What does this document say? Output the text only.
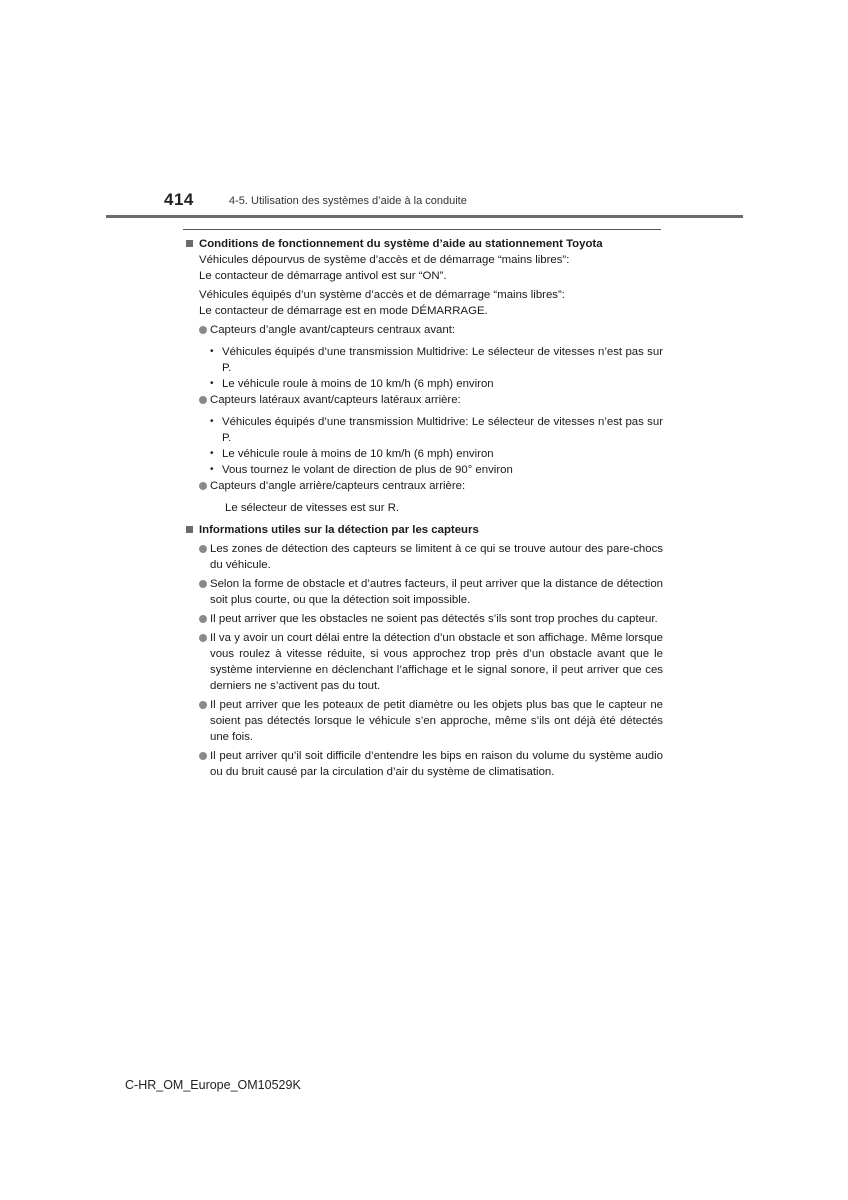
414	4-5. Utilisation des systèmes d’aide à la conduite
Conditions de fonctionnement du système d’aide au stationnement Toyota
Véhicules dépourvus de système d’accès et de démarrage “mains libres”:
Le contacteur de démarrage antivol est sur “ON”.
Véhicules équipés d’un système d’accès et de démarrage “mains libres”:
Le contacteur de démarrage est en mode DÉMARRAGE.
Capteurs d’angle avant/capteurs centraux avant:
• Véhicules équipés d’une transmission Multidrive: Le sélecteur de vitesses n’est pas sur P.
• Le véhicule roule à moins de 10 km/h (6 mph) environ
Capteurs latéraux avant/capteurs latéraux arrière:
• Véhicules équipés d’une transmission Multidrive: Le sélecteur de vitesses n’est pas sur P.
• Le véhicule roule à moins de 10 km/h (6 mph) environ
• Vous tournez le volant de direction de plus de 90° environ
Capteurs d’angle arrière/capteurs centraux arrière:
Le sélecteur de vitesses est sur R.
Informations utiles sur la détection par les capteurs
Les zones de détection des capteurs se limitent à ce qui se trouve autour des pare-chocs du véhicule.
Selon la forme de obstacle et d’autres facteurs, il peut arriver que la distance de détection soit plus courte, ou que la détection soit impossible.
Il peut arriver que les obstacles ne soient pas détectés s’ils sont trop proches du capteur.
Il va y avoir un court délai entre la détection d’un obstacle et son affichage. Même lorsque vous roulez à vitesse réduite, si vous approchez trop près d’un obstacle avant que le système intervienne en déclenchant l’affichage et le signal sonore, il peut arriver que ces derniers ne s’activent pas du tout.
Il peut arriver que les poteaux de petit diamètre ou les objets plus bas que le capteur ne soient pas détectés lorsque le véhicule s’en approche, même s’ils ont déjà été détectés une fois.
Il peut arriver qu’il soit difficile d’entendre les bips en raison du volume du système audio ou du bruit causé par la circulation d’air du système de climatisation.
C-HR_OM_Europe_OM10529K
